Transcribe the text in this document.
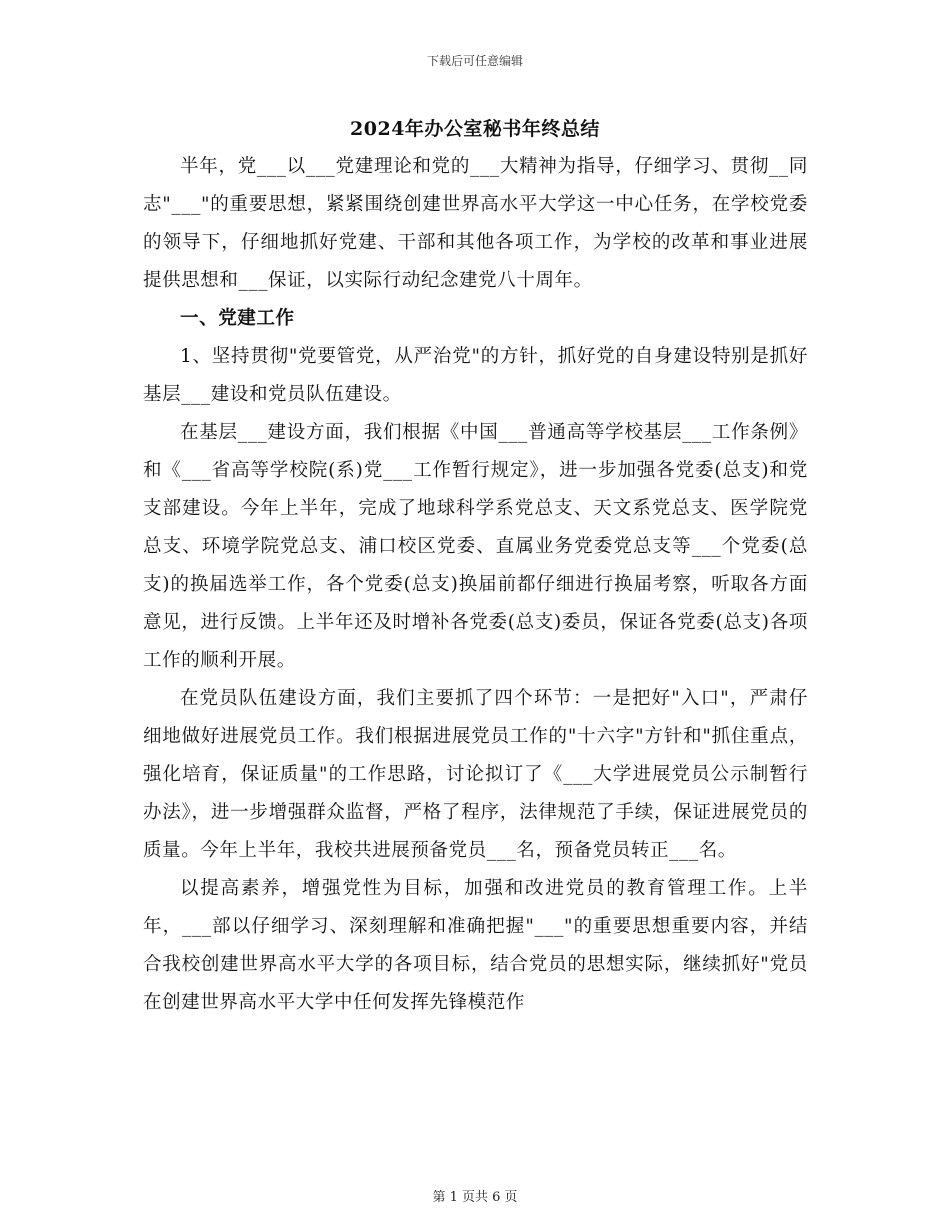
下载后可任意编辑
2024年办公室秘书年终总结

半年，党___以___党建理论和党的___大精神为指导，仔细学习、贯彻__同志"___"的重要思想，紧紧围绕创建世界高水平大学这一中心任务，在学校党委的领导下，仔细地抓好党建、干部和其他各项工作，为学校的改革和事业进展提供思想和___保证，以实际行动纪念建党八十周年。

一、党建工作

1、坚持贯彻"党要管党，从严治党"的方针，抓好党的自身建设特别是抓好基层___建设和党员队伍建设。

在基层___建设方面，我们根据《中国___普通高等学校基层___工作条例》和《___省高等学校院(系)党___工作暂行规定》，进一步加强各党委(总支)和党支部建设。今年上半年，完成了地球科学系党总支、天文系党总支、医学院党总支、环境学院党总支、浦口校区党委、直属业务党委党总支等___个党委(总支)的换届选举工作，各个党委(总支)换届前都仔细进行换届考察，听取各方面意见，进行反馈。上半年还及时增补各党委(总支)委员，保证各党委(总支)各项工作的顺利开展。

在党员队伍建设方面，我们主要抓了四个环节：一是把好"入口"，严肃仔细地做好进展党员工作。我们根据进展党员工作的"十六字"方针和"抓住重点，强化培育，保证质量"的工作思路，讨论拟订了《___大学进展党员公示制暂行办法》，进一步增强群众监督，严格了程序，法律规范了手续，保证进展党员的质量。今年上半年，我校共进展预备党员___名，预备党员转正___名。

以提高素养，增强党性为目标，加强和改进党员的教育管理工作。上半年，___部以仔细学习、深刻理解和准确把握"___"的重要思想重要内容，并结合我校创建世界高水平大学的各项目标，结合党员的思想实际，继续抓好"党员在创建世界高水平大学中任何发挥先锋模范作

第 1 页共 6 页
